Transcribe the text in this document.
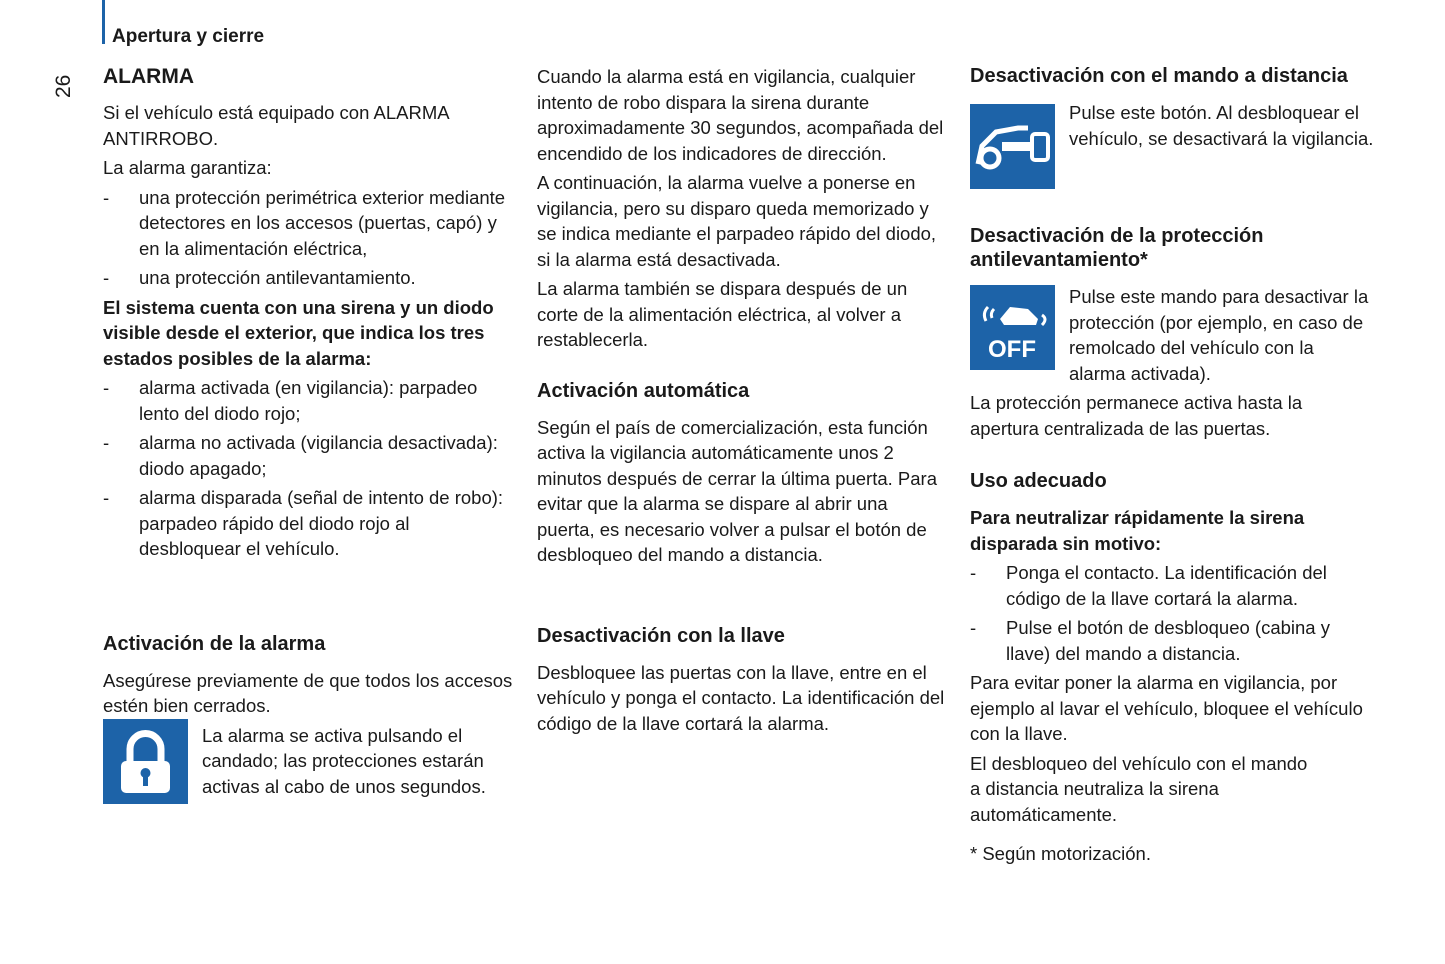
Apertura y cierre
26 ALARMA

Si el vehículo está equipado con ALARMA ANTIRROBO.

La alarma garantiza:

- una protección perimétrica exterior mediante detectores en los accesos (puertas, capó) y en la alimentación eléctrica,
- una protección antilevantamiento.

El sistema cuenta con una sirena y un diodo visible desde el exterior, que indica los tres estados posibles de la alarma:

- alarma activada (en vigilancia): parpadeo lento del diodo rojo;
- alarma no activada (vigilancia desactivada): diodo apagado;
- alarma disparada (señal de intento de robo): parpadeo rápido del diodo rojo al desbloquear el vehículo.
Activación de la alarma

Asegúrese previamente de que todos los accesos estén bien cerrados.

La alarma se activa pulsando el candado; las protecciones estarán activas al cabo de unos segundos.

Cuando la alarma está en vigilancia, cualquier intento de robo dispara la sirena durante aproximadamente 30 segundos, acompañada del encendido de los indicadores de dirección.

A continuación, la alarma vuelve a ponerse en vigilancia, pero su disparo queda memorizado y se indica mediante el parpadeo rápido del diodo, si la alarma está desactivada.

La alarma también se dispara después de un corte de la alimentación eléctrica, al volver a restablecerla.

Activación automática

Según el país de comercialización, esta función activa la vigilancia automáticamente unos 2 minutos después de cerrar la última puerta. Para evitar que la alarma se dispare al abrir una puerta, es necesario volver a pulsar el botón de desbloqueo del mando a distancia.

Desactivación con la llave

Desbloquee las puertas con la llave, entre en el vehículo y ponga el contacto. La identificación del código de la llave cortará la alarma.

Desactivación con el mando a distancia
Pulse este botón. Al desbloquear el vehículo, se desactivará la vigilancia.
Desactivación de la protección antilevantamiento*
OFF
Pulse este mando para desactivar la protección (por ejemplo, en caso de remolcado del vehículo con la alarma activada).

La protección permanece activa hasta la apertura centralizada de las puertas.

Uso adecuado

Para neutralizar rápidamente la sirena disparada sin motivo:

- Ponga el contacto. La identificación del código de la llave cortará la alarma.
- Pulse el botón de desbloqueo (cabina y llave) del mando a distancia.

Para evitar poner la alarma en vigilancia, por ejemplo al lavar el vehículo, bloquee el vehículo con la llave.

El desbloqueo del vehículo con el mando a distancia neutraliza la sirena automáticamente.

* Según motorización.
